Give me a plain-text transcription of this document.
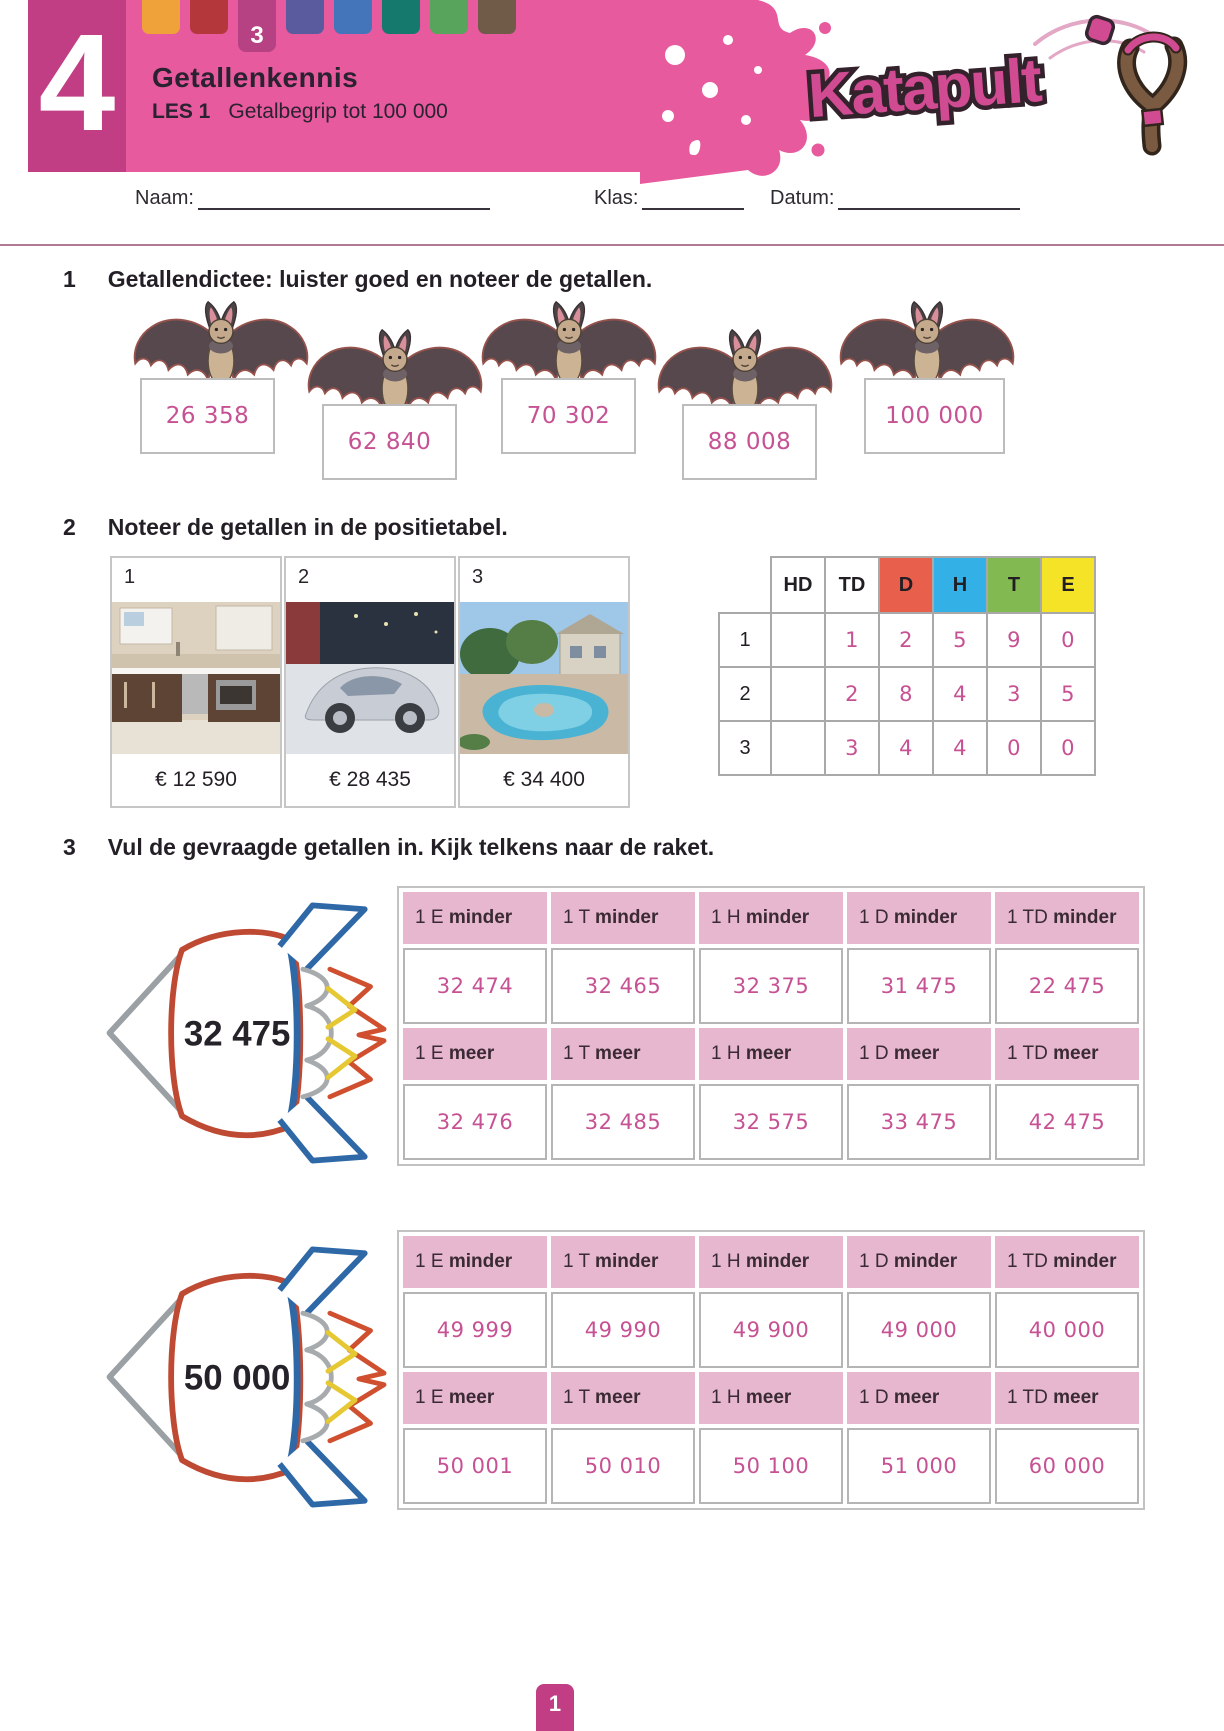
4	3
Getallenkennis
LES 1 Getalbegrip tot 100 000	Katapult
Naam:	Klas:	Datum:
1 Getallendictee: luister goed en noteer de getallen.
26 358
62 840
70 302
88 008
100 000
2 Noteer de getallen in de positietabel.
1
€ 12 590
2
€ 28 435
3
€ 34 400
	HD	TD	D	H	T	E
1		1	2	5	9	0
2		2	8	4	3	5
3		3	4	4	0	0
3 Vul de gevraagde getallen in. Kijk telkens naar de raket.
32 475
1 E minder	1 T minder	1 H minder	1 D minder	1 TD minder
32 474	32 465	32 375	31 475	22 475
1 E meer	1 T meer	1 H meer	1 D meer	1 TD meer
32 476	32 485	32 575	33 475	42 475
50 000
1 E minder	1 T minder	1 H minder	1 D minder	1 TD minder
49 999	49 990	49 900	49 000	40 000
1 E meer	1 T meer	1 H meer	1 D meer	1 TD meer
50 001	50 010	50 100	51 000	60 000
1
